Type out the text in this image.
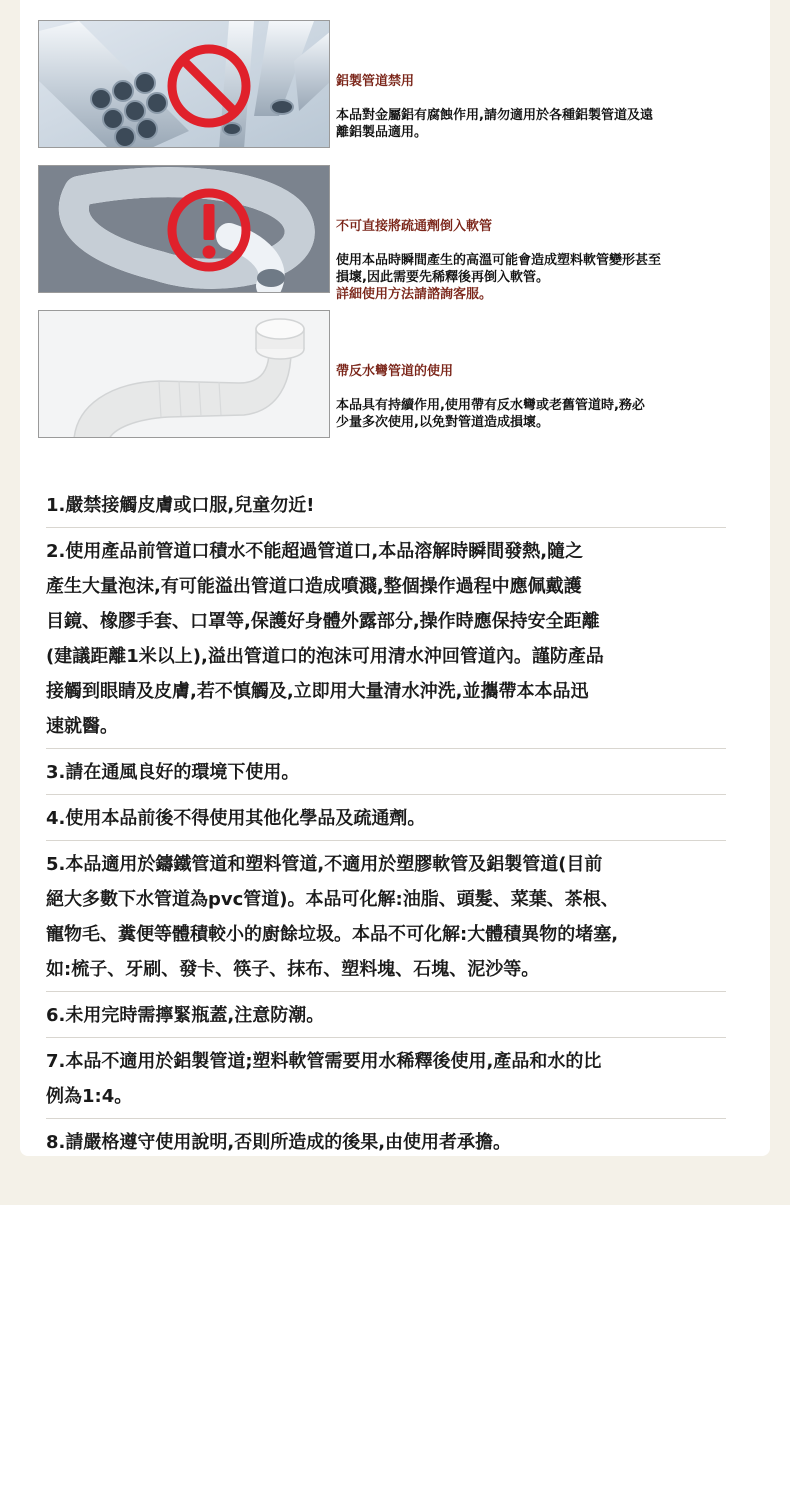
鋁製管道禁用
本品對金屬鋁有腐蝕作用,請勿適用於各種鋁製管道及遠
離鋁製品適用。
不可直接將疏通劑倒入軟管
使用本品時瞬間產生的高溫可能會造成塑料軟管變形甚至
損壞,因此需要先稀釋後再倒入軟管。
詳細使用方法請諮詢客服。
帶反水彎管道的使用
本品具有持續作用,使用帶有反水彎或老舊管道時,務必
少量多次使用,以免對管道造成損壞。
1.嚴禁接觸皮膚或口服,兒童勿近!
2.使用產品前管道口積水不能超過管道口,本品溶解時瞬間發熱,隨之
產生大量泡沫,有可能溢出管道口造成噴濺,整個操作過程中應佩戴護
目鏡、橡膠手套、口罩等,保護好身體外露部分,操作時應保持安全距離
(建議距離1米以上),溢出管道口的泡沫可用清水沖回管道內。謹防產品
接觸到眼睛及皮膚,若不慎觸及,立即用大量清水沖洗,並攜帶本本品迅
速就醫。
3.請在通風良好的環境下使用。
4.使用本品前後不得使用其他化學品及疏通劑。
5.本品適用於鑄鐵管道和塑料管道,不適用於塑膠軟管及鋁製管道(目前
絕大多數下水管道為pvc管道)。本品可化解:油脂、頭髮、菜葉、茶根、
寵物毛、糞便等體積較小的廚餘垃圾。本品不可化解:大體積異物的堵塞,
如:梳子、牙刷、發卡、筷子、抹布、塑料塊、石塊、泥沙等。
6.未用完時需擰緊瓶蓋,注意防潮。
7.本品不適用於鋁製管道;塑料軟管需要用水稀釋後使用,產品和水的比
例為1:4。
8.請嚴格遵守使用說明,否則所造成的後果,由使用者承擔。
